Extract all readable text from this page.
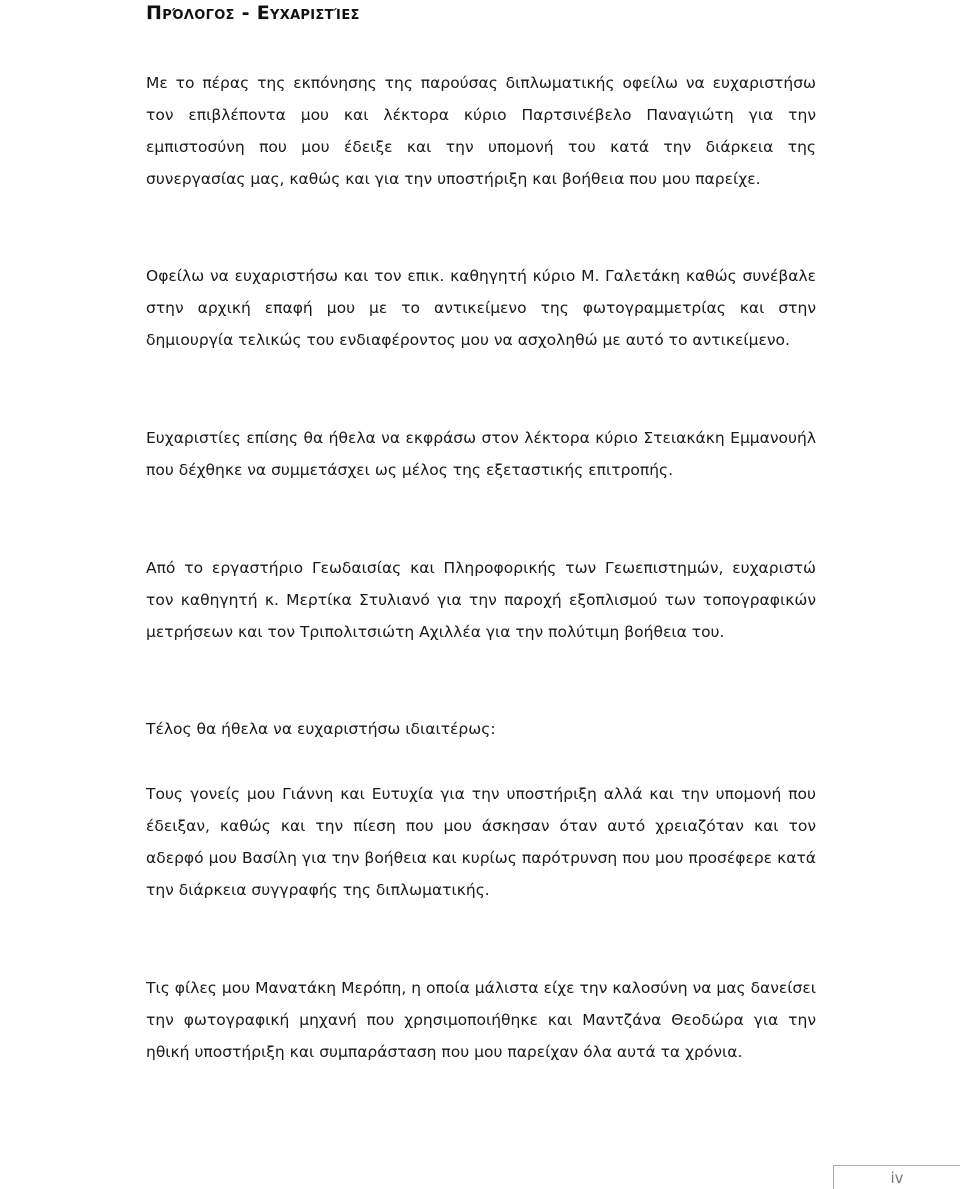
Πρόλογος - Ευχαριστίες

Με το πέρας της εκπόνησης της παρούσας διπλωματικής οφείλω να ευχαριστήσω τον επιβλέποντα μου και λέκτορα κύριο Παρτσινέβελο Παναγιώτη για την εμπιστοσύνη που μου έδειξε και την υπομονή του κατά την διάρκεια της συνεργασίας μας, καθώς και για την υποστήριξη και βοήθεια που μου παρείχε.

Οφείλω να ευχαριστήσω και τον επικ. καθηγητή κύριο Μ. Γαλετάκη καθώς συνέβαλε στην αρχική επαφή μου με το αντικείμενο της φωτογραμμετρίας και στην δημιουργία τελικώς του ενδιαφέροντος μου να ασχοληθώ με αυτό το αντικείμενο.

Ευχαριστίες επίσης θα ήθελα να εκφράσω στον λέκτορα κύριο Στειακάκη Εμμανουήλ που δέχθηκε να συμμετάσχει ως μέλος της εξεταστικής επιτροπής.

Από το εργαστήριο Γεωδαισίας και Πληροφορικής των Γεωεπιστημών, ευχαριστώ τον καθηγητή κ. Μερτίκα Στυλιανό για την παροχή εξοπλισμού των τοπογραφικών μετρήσεων και τον Τριπολιτσιώτη Αχιλλέα για την πολύτιμη βοήθεια του.

Τέλος θα ήθελα να ευχαριστήσω ιδιαιτέρως:

Τους γονείς μου Γιάννη και Ευτυχία για την υποστήριξη αλλά και την υπομονή που έδειξαν, καθώς και την πίεση που μου άσκησαν όταν αυτό χρειαζόταν και τον αδερφό μου Βασίλη για την βοήθεια και κυρίως παρότρυνση που μου προσέφερε κατά την διάρκεια συγγραφής της διπλωματικής.

Τις φίλες μου Μανατάκη Μερόπη, η οποία μάλιστα είχε την καλοσύνη να μας δανείσει την φωτογραφική μηχανή που χρησιμοποιήθηκε και Μαντζάνα Θεοδώρα για την ηθική υποστήριξη και συμπαράσταση που μου παρείχαν όλα αυτά τα χρόνια.

iv
